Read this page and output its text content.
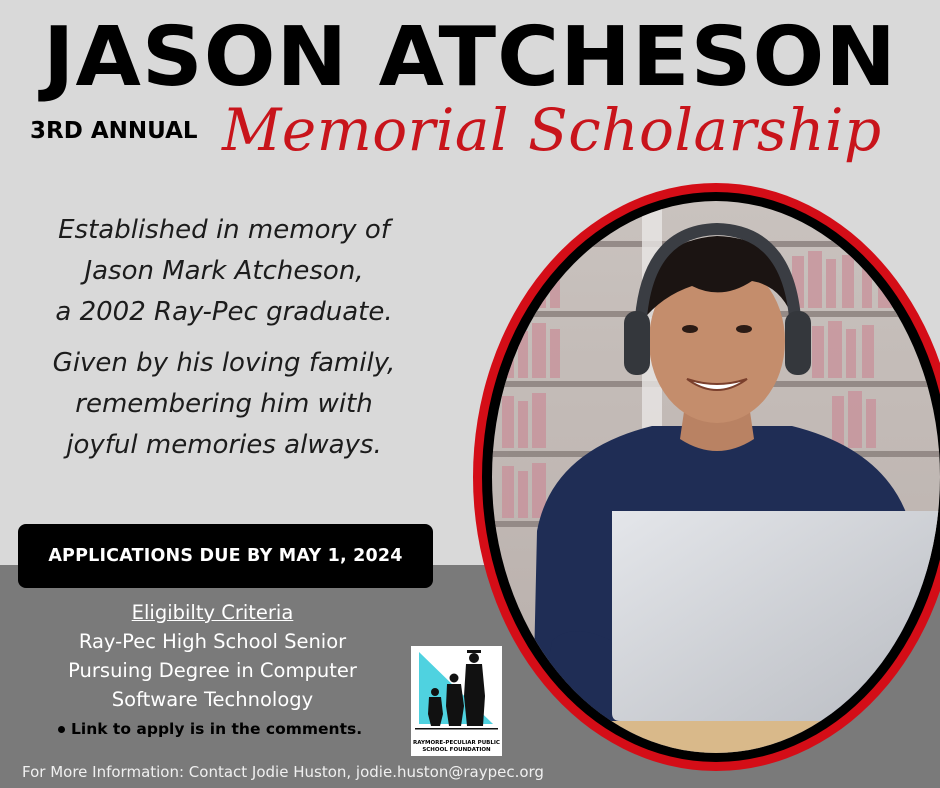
JASON ATCHESON
3RD ANNUAL Memorial Scholarship

Established in memory of
Jason Mark Atcheson,
a 2002 Ray-Pec graduate.

Given by his loving family,
remembering him with
joyful memories always.

APPLICATIONS DUE BY MAY 1, 2024
Eligibilty Criteria
Ray-Pec High School Senior
Pursuing Degree in Computer
Software Technology
Link to apply is in the comments.
For More Information: Contact Jodie Huston, jodie.huston@raypec.org
RAYMORE-PECULIAR PUBLIC SCHOOL FOUNDATION
